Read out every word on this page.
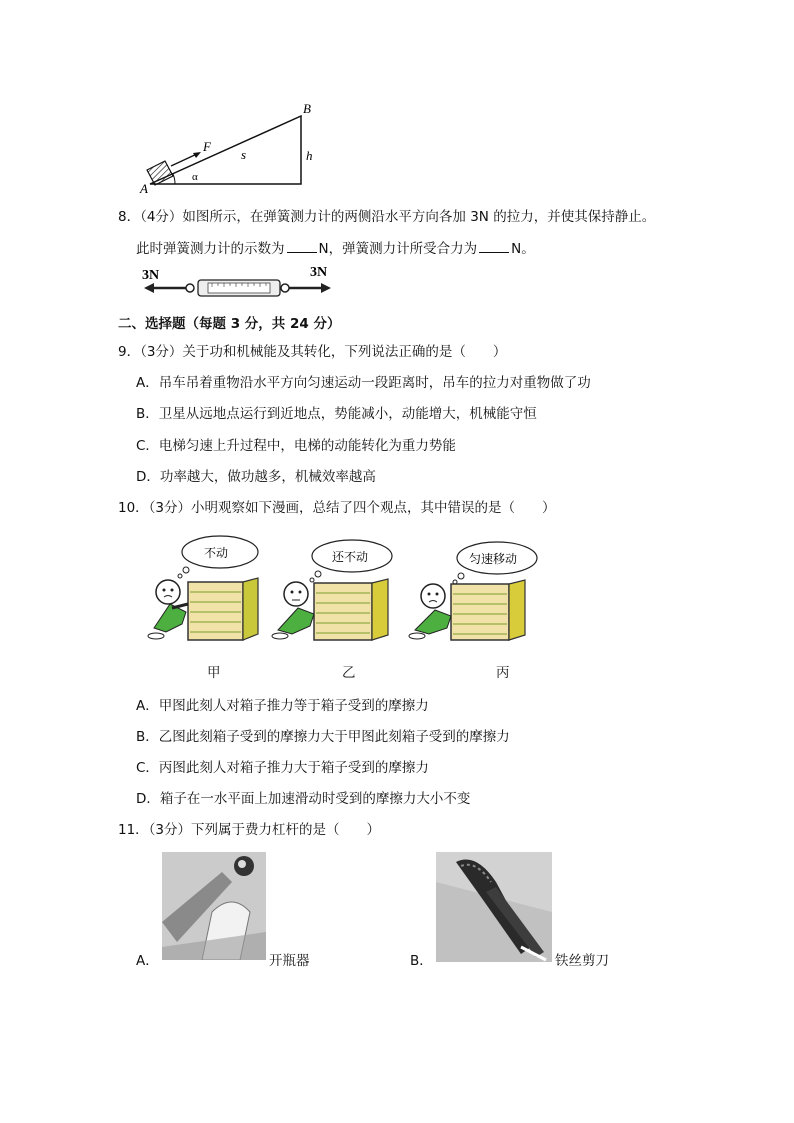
B
A
F
s	h
α
8．（4分）如图所示，在弹簧测力计的两侧沿水平方向各加 3N 的拉力，并使其保持静止。
此时弹簧测力计的示数为	N，弹簧测力计所受合力为	N。
3N	3N
二、选择题（每题 3 分，共 24 分）
9．（3分）关于功和机械能及其转化，下列说法正确的是（　　）
A．吊车吊着重物沿水平方向匀速运动一段距离时，吊车的拉力对重物做了功
B．卫星从远地点运行到近地点，势能减小，动能增大，机械能守恒
C．电梯匀速上升过程中，电梯的动能转化为重力势能
D．功率越大，做功越多，机械效率越高
10．（3分）小明观察如下漫画，总结了四个观点，其中错误的是（　　）
不动
甲
还不动
乙
匀速移动
丙
A．甲图此刻人对箱子推力等于箱子受到的摩擦力
B．乙图此刻箱子受到的摩擦力大于甲图此刻箱子受到的摩擦力
C．丙图此刻人对箱子推力大于箱子受到的摩擦力
D．箱子在一水平面上加速滑动时受到的摩擦力大小不变
11．（3分）下列属于费力杠杆的是（　　）
A．	开瓶器	B．	铁丝剪刀
